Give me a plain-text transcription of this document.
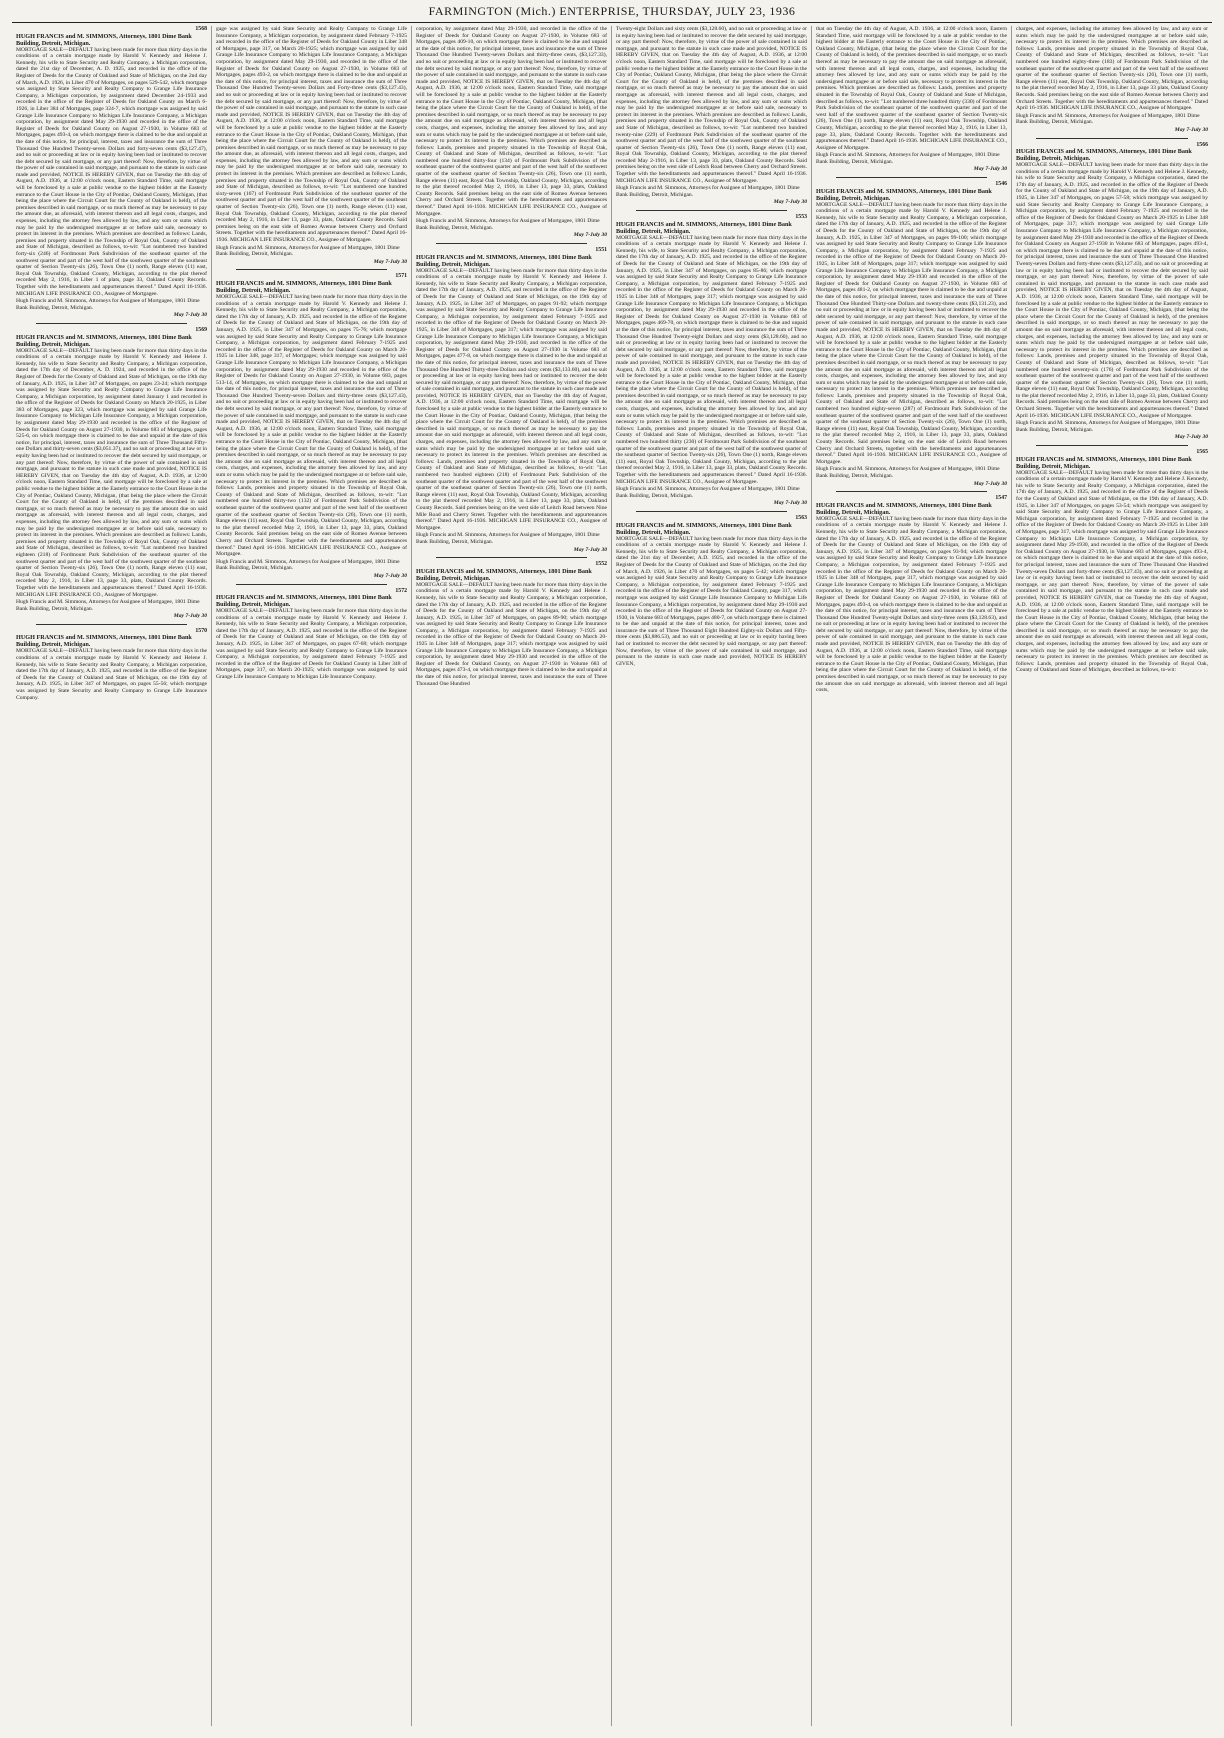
FARMINGTON (Mich.) ENTERPRISE, THURSDAY, JULY 23, 1936
1568
HUGH FRANCIS and M. SIMMONS, Attorneys, 1801 Dime Bank Building, Detroit, Michigan.
MORTGAGE SALE—DEFAULT having been made for more than thirty days in the conditions of a certain mortgage made by Harold V. Kennedy and Helene J. Kennedy, his wife to State Security and Realty Company, a Michigan corporation, dated the 21st day of December, A. D. 1925, and recorded in the office of the Register of Deeds for the County of Oakland and State of Michigan, on the 2nd day of March, A.D. 1926, in Liber 470 of Mortgages, on pages 529-542, which mortgage was assigned by State Security and Realty Company to Grange Life Insurance Company, a Michigan corporation, by assignment dated December 24-1933 and recorded in the office of the Register of Deeds for Oakland County on March 6-1926, in Liber 384 of Mortgages, page 324-7, which mortgage was assigned by said Grange Life Insurance Company to Michigan Life Insurance Company, a Michigan corporation, by assignment dated May 29-1930 and recorded in the office of the Register of Deeds for Oakland County on August 27-1930, in Volume 683 of Mortgages, pages 493-4, on which mortgage there is claimed to be due and unpaid at the date of this notice, for principal, interest, taxes and insurance the sum of Three Thousand One Hundred Twenty-seven Dollars and forty-seven cents ($3,127.47), and no suit or proceeding at law or in equity having been had or instituted to recover the debt secured by said mortgage, or any part thereof: Now, therefore, by virtue of the power of sale contained in said mortgage, and pursuant to the statute in such case made and provided, NOTICE IS HEREBY GIVEN, that on Tuesday the 4th day of August, A.D. 1936, at 12:00 o'clock noon, Eastern Standard Time, said mortgage will be foreclosed by a sale at public vendue to the highest bidder at the Easterly entrance to the Court House in the City of Pontiac, Oakland County, Michigan, (that being the place where the Circuit Court for the County of Oakland is held), of the premises described in said mortgage, or so much thereof as may be necessary to pay the amount due, as aforesaid, with interest thereon and all legal costs, charges, and expenses, including the attorney fees allowed by law, and any sum or sums which may be paid by the undersigned mortgagee at or before said sale, necessary to protect its interest in the premises. Which premises are described as follows: Lands, premises and property situated in the Township of Royal Oak, County of Oakland and State of Michigan, described as follows, to-wit: "Lot numbered two hundred forty-six (246) of Fordmount Park Subdivision of the southeast quarter of the southwest quarter and part of the west half of the southwest quarter of the southeast quarter of Section Twenty-six (26), Town One (1) north, Range eleven (11) east, Royal Oak Township, Oakland County, Michigan, according to the plat thereof recorded May 2, 1916, in Liber 1 of plats, page 33, Oakland County Records. Together with the hereditaments and appurtenances thereof." Dated April 16-1936. MICHIGAN LIFE INSURANCE CO., Assignee of Mortgagee.
Hugh Francis and M. Simmons, Attorneys for Assignee of Mortgagee, 1801 Dime Bank Building, Detroit, Michigan.
May 7-July 30
1569
HUGH FRANCIS and M. SIMMONS, Attorneys, 1801 Dime Bank Building, Detroit, Michigan.
MORTGAGE SALE—DEFAULT having been made for more than thirty days in the conditions of a certain mortgage made by Harold V. Kennedy and Helene J. Kennedy, his wife to State Security and Realty Company, a Michigan corporation, dated the 17th day of December, A. D. 1924, and recorded in the office of the Register of Deeds for the County of Oakland and State of Michigan, on the 19th day of January, A.D. 1925, in Liber 347 of Mortgages, on pages 23-24; which mortgage was assigned by State Security and Realty Company to Grange Life Insurance Company, a Michigan corporation, by assignment dated January 1 and recorded in the office of the Register of Deeds for Oakland County on March 20-1925, in Liber 383 of Mortgages, page 323, which mortgage was assigned by said Grange Life Insurance Company to Michigan Life Insurance Company, a Michigan corporation, by assignment dated May 29-1930 and recorded in the office of the Register of Deeds for Oakland County on August 27-1930, in Volume 683 of Mortgages, pages 525-6, on which mortgage there is claimed to be due and unpaid at the date of this notice, for principal, interest, taxes and insurance the sum of Three Thousand Fifty-one Dollars and thirty-seven cents ($3,051.37), and no suit or proceeding at law or in equity having been had or instituted to recover the debt secured by said mortgage, or any part thereof: Now, therefore, by virtue of the power of sale contained in said mortgage, and pursuant to the statute in such case made and provided, NOTICE IS HEREBY GIVEN, that on Tuesday the 4th day of August, A.D. 1936, at 12:00 o'clock noon, Eastern Standard Time, said mortgage will be foreclosed by a sale at public vendue to the highest bidder at the Easterly entrance to the Court House in the City of Pontiac, Oakland County, Michigan, (that being the place where the Circuit Court for the County of Oakland is held), of the premises described in said mortgage, or so much thereof as may be necessary to pay the amount due on said mortgage as aforesaid, with interest thereon and all legal costs, charges, and expenses, including the attorney fees allowed by law, and any sum or sums which may be paid by the undersigned mortgagee at or before said sale, necessary to protect its interest in the premises. Which premises are described as follows: Lands, premises and property situated in the Township of Royal Oak, County of Oakland and State of Michigan, described as follows, to-wit: "Lot numbered two hundred eighteen (218) of Fordmount Park Subdivision of the southeast quarter of the southwest quarter and part of the west half of the southwest quarter of the southeast quarter of Section Twenty-six (26), Town One (1) north, Range eleven (11) east, Royal Oak Township, Oakland County, Michigan, according to the plat thereof recorded May 2, 1916, in Liber 13, page 33, plats, Oakland County Records. Together with the hereditaments and appurtenances thereof." Dated April 16-1936. MICHIGAN LIFE INSURANCE CO., Assignee of Mortgagee.
Hugh Francis and M. Simmons, Attorneys for Assignee of Mortgagee, 1801 Dime Bank Building, Detroit, Michigan.
May 7-July 30
1570
HUGH FRANCIS and M. SIMMONS, Attorneys, 1801 Dime Bank Building, Detroit, Michigan.
MORTGAGE SALE—DEFAULT having been made for more than thirty days in the conditions of a certain mortgage made by Harold V. Kennedy and Helene J. Kennedy, his wife to State Security and Realty Company, a Michigan corporation, dated the 17th day of January, A.D. 1925, and recorded in the office of the Register of Deeds for the County of Oakland and State of Michigan, on the 19th day of January, A.D. 1925, in Liber 347 of Mortgages, on pages 55-56; which mortgage was assigned by State Security and Realty Company to Grange Life Insurance Company.
gage was assigned by said State Security and Realty Company to Grange Life Insurance Company, a Michigan corporation, by assignment dated February 7-1925 and recorded in the office of the Register of Deeds for Oakland County in Liber 348 of Mortgages, page 317, on March 20-1925; which mortgage was assigned by said Grange Life Insurance Company to Michigan Life Insurance Company, a Michigan corporation, by assignment dated May 29-1930, and recorded in the office of the Register of Deeds for Oakland County on August 27-1930, in Volume 683 of Mortgages, pages 493-2, on which mortgage there is claimed to be due and unpaid at the date of this notice, for principal interest, taxes and insurance the sum of Three Thousand One Hundred Twenty-seven Dollars and Forty-three cents ($3,127.43), and no suit or proceeding at law or in equity having been had or instituted to recover the debt secured by said mortgage, or any part thereof: Now, therefore, by virtue of the power of sale contained in said mortgage, and pursuant to the statute in such case made and provided, NOTICE IS HEREBY GIVEN, that on Tuesday the 4th day of August, A.D. 1936, at 12:00 o'clock noon, Eastern Standard Time, said mortgage will be foreclosed by a sale at public vendue to the highest bidder at the Easterly entrance to the Court House in the City of Pontiac, Oakland County, Michigan, (that being the place where the Circuit Court for the County of Oakland is held), of the premises described in said mortgage, or so much thereof as may be necessary to pay the amount due, as aforesaid, with interest thereon and all legal costs, charges, and expenses, including the attorney fees allowed by law, and any sum or sums which may be paid by the undersigned mortgagee at or before said sale, necessary to protect its interest in the premises. Which premises are described as follows: Lands, premises and property situated in the Township of Royal Oak, County of Oakland and State of Michigan, described as follows, to-wit: "Lot numbered one hundred sixty-seven (167) of Fordmount Park Subdivision of the southeast quarter of the southwest quarter and part of the west half of the southwest quarter of the southeast quarter of Section Twenty-six (26), Town one (1) north, Range eleven (11) east, Royal Oak Township, Oakland County, Michigan, according to the plat thereof recorded May 2, 1916, in Liber 13, page 33, plats, Oakland County Records. Said premises being on the east side of Romeo Avenue between Cherry and Orchard Streets. Together with the hereditaments and appurtenances thereof." Dated April 16-1936. MICHIGAN LIFE INSURANCE CO., Assignee of Mortgagee.
Hugh Francis and M. Simmons, Attorneys for Assignee of Mortgagee, 1801 Dime Bank Building, Detroit, Michigan.
May 7-July 30
1571
HUGH FRANCIS and M. SIMMONS, Attorneys, 1801 Dime Bank Building, Detroit, Michigan.
MORTGAGE SALE—DEFAULT having been made for more than thirty days in the conditions of a certain mortgage made by Harold V. Kennedy and Helene J. Kennedy, his wife to State Security and Realty Company, a Michigan corporation, dated the 17th day of January, A.D. 1925, and recorded in the office of the Register of Deeds for the County of Oakland and State of Michigan, on the 19th day of January, A.D. 1925, in Liber 347 of Mortgages, on pages 75-76; which mortgage was assigned by said State Security and Realty Company to Grange Life Insurance Company, a Michigan corporation, by assignment dated February 7-1925 and recorded in the office of the Register of Deeds for Oakland County on March 20-1925 in Liber 348, page 317, of Mortgages; which mortgage was assigned by said Grange Life Insurance Company to Michigan Life Insurance Company, a Michigan corporation, by assignment dated May 29-1930 and recorded in the office of the Register of Deeds for Oakland County on August 27-1930, in Volume 683, pages 513-14, of Mortgages, on which mortgage there is claimed to be due and unpaid at the date of this notice, for principal interest, taxes and insurance the sum of Three Thousand One Hundred Twenty-seven Dollars and thirty-three cents ($3,127.43), and no suit or proceeding at law or in equity having been had or instituted to recover the debt secured by said mortgage, or any part thereof: Now, therefore, by virtue of the power of sale contained in said mortgage, and pursuant to the statute in such case made and provided, NOTICE IS HEREBY GIVEN, that on Tuesday the 4th day of August, A.D. 1936, at 12:00 o'clock noon, Eastern Standard Time, said mortgage will be foreclosed by a sale at public vendue to the highest bidder at the Easterly entrance to the Court House in the City of Pontiac, Oakland County, Michigan, (that being the place where the Circuit Court for the County of Oakland is held), of the premises described in said mortgage, or so much thereof as may be necessary to pay the amount due on said mortgage as aforesaid, with interest thereon and all legal costs, charges, and expenses, including the attorney fees allowed by law, and any sum or sums which may be paid by the undersigned mortgagee at or before said sale, necessary to protect its interest in the premises. Which premises are described as follows: Lands, premises and property situated in the Township of Royal Oak, County of Oakland and State of Michigan, described as follows, to-wit: "Lot numbered one hundred thirty-two (132) of Fordmount Park Subdivision of the southeast quarter of the southwest quarter and part of the west half of the southwest quarter of the southeast quarter of Section Twenty-six (26), Town one (1) north, Range eleven (11) east, Royal Oak Township, Oakland County, Michigan, according to the plat thereof recorded May 2, 1916, in Liber 13, page 33, plats, Oakland County Records. Said premises being on the east side of Romeo Avenue between Cherry and Orchard Streets. Together with the hereditaments and appurtenances thereof." Dated April 16-1936. MICHIGAN LIFE INSURANCE CO., Assignee of Mortgagee.
Hugh Francis and M. Simmons, Attorneys for Assignee of Mortgagee, 1801 Dime Bank Building, Detroit, Michigan.
May 7-July 30
1572
HUGH FRANCIS and M. SIMMONS, Attorneys, 1801 Dime Bank Building, Detroit, Michigan.
MORTGAGE SALE—DEFAULT having been made for more than thirty days in the conditions of a certain mortgage made by Harold V. Kennedy and Helene J. Kennedy, his wife to State Security and Realty Company, a Michigan corporation, dated the 17th day of January, A.D. 1925, and recorded in the office of the Register of Deeds for the County of Oakland and State of Michigan, on the 19th day of January, A.D. 1925, in Liber 347 of Mortgages, on pages 67-68; which mortgage was assigned by said State Security and Realty Company to Grange Life Insurance Company, a Michigan corporation, by assignment dated February 7-1925 and recorded in the office of the Register of Deeds for Oakland County in Liber 348 of Mortgages, page 317, on March 20-1925; which mortgage was assigned by said Grange Life Insurance Company to Michigan Life Insurance Company.
corporation, by assignment dated May 29-1930, and recorded in the office of the Register of Deeds for Oakland County on August 27-1930, in Volume 683 of Mortgages, pages 409-10, on which mortgage there is claimed to be due and unpaid at the date of this notice, for principal interest, taxes and insurance the sum of Three Thousand One Hundred Twenty-seven Dollars and thirty-three cents, ($3,127.33), and no suit or proceeding at law or in equity having been had or instituted to recover the debt secured by said mortgage, or any part thereof: Now, therefore, by virtue of the power of sale contained in said mortgage, and pursuant to the statute in such case made and provided, NOTICE IS HEREBY GIVEN, that on Tuesday the 4th day of August, A.D. 1936, at 12:00 o'clock noon, Eastern Standard Time, said mortgage will be foreclosed by a sale at public vendue to the highest bidder at the Easterly entrance to the Court House in the City of Pontiac, Oakland County, Michigan, (that being the place where the Circuit Court for the County of Oakland is held), of the premises described in said mortgage, or so much thereof as may be necessary to pay the amount due on said mortgage as aforesaid, with interest thereon and all legal costs, charges, and expenses, including the attorney fees allowed by law, and any sum or sums which may be paid by the undersigned mortgagee at or before said sale, necessary to protect its interest in the premises. Which premises are described as follows: Lands, premises and property situated in the Township of Royal Oak, County of Oakland and State of Michigan, described as follows, to-wit: "Lot numbered one hundred thirty-four (134) of Fordmount Park Subdivision of the southeast quarter of the southwest quarter and part of the west half of the southwest quarter of the southeast quarter of Section Twenty-six (26), Town one (1) north, Range eleven (11) east, Royal Oak Township, Oakland County, Michigan, according to the plat thereof recorded May 2, 1916, in Liber 13, page 33, plats, Oakland County Records. Said premises being on the east side of Romeo Avenue between Cherry and Orchard Streets. Together with the hereditaments and appurtenances thereof." Dated April 16-1936. MICHIGAN LIFE INSURANCE CO., Assignee of Mortgagee.
Hugh Francis and M. Simmons, Attorneys for Assignee of Mortgagee, 1801 Dime Bank Building, Detroit, Michigan.
May 7-July 30
1551
HUGH FRANCIS and M. SIMMONS, Attorneys, 1801 Dime Bank Building, Detroit, Michigan.
MORTGAGE SALE—DEFAULT having been made for more than thirty days in the conditions of a certain mortgage made by Harold V. Kennedy and Helene J. Kennedy, his wife to State Security and Realty Company, a Michigan corporation, dated the 17th day of January, A.D. 1925, and recorded in the office of the Register of Deeds for the County of Oakland and State of Michigan, on the 19th day of January, A.D. 1925, in Liber 347 of Mortgages, on pages 91-92; which mortgage was assigned by said State Security and Realty Company to Grange Life Insurance Company, a Michigan corporation, by assignment dated February 7-1925 and recorded in the office of the Register of Deeds for Oakland County on March 20-1925, in Liber 348 of Mortgages, page 317; which mortgage was assigned by said Grange Life Insurance Company to Michigan Life Insurance Company, a Michigan corporation, by assignment dated May 29-1930, and recorded in the office of the Register of Deeds for Oakland County on August 27-1930 in Volume 683 of Mortgages, pages 477-8, on which mortgage there is claimed to be due and unpaid at the date of this notice, for principal interest, taxes and insurance the sum of Three Thousand One Hundred Thirty-three Dollars and sixty cents ($3,133.60), and no suit or proceeding at law or in equity having been had or instituted to recover the debt secured by said mortgage, or any part thereof: Now, therefore, by virtue of the power of sale contained in said mortgage, and pursuant to the statute in such case made and provided, NOTICE IS HEREBY GIVEN, that on Tuesday the 4th day of August, A.D. 1936, at 12:00 o'clock noon, Eastern Standard Time, said mortgage will be foreclosed by a sale at public vendue to the highest bidder at the Easterly entrance to the Court House in the City of Pontiac, Oakland County, Michigan, (that being the place where the Circuit Court for the County of Oakland is held), of the premises described in said mortgage, or so much thereof as may be necessary to pay the amount due on said mortgage as aforesaid, with interest thereon and all legal costs, charges, and expenses, including the attorney fees allowed by law, and any sum or sums which may be paid by the undersigned mortgagee at or before said sale, necessary to protect its interest in the premises. Which premises are described as follows: Lands, premises and property situated in the Township of Royal Oak, County of Oakland and State of Michigan, described as follows, to-wit: "Lot numbered two hundred eighteen (218) of Fordmount Park Subdivision of the southeast quarter of the southwest quarter and part of the west half of the southwest quarter of the southeast quarter of Section Twenty-six (26), Town one (1) north, Range eleven (11) east, Royal Oak Township, Oakland County, Michigan, according to the plat thereof recorded May 2, 1916, in Liber 13, page 33, plats, Oakland County Records. Said premises being on the west side of Leitch Road between Nine Mile Road and Cherry Street. Together with the hereditaments and appurtenances thereof." Dated April 16-1936. MICHIGAN LIFE INSURANCE CO., Assignee of Mortgagee.
Hugh Francis and M. Simmons, Attorneys for Assignee of Mortgagee, 1801 Dime Bank Building, Detroit, Michigan.
May 7-July 30
1552
HUGH FRANCIS and M. SIMMONS, Attorneys, 1801 Dime Bank Building, Detroit, Michigan.
MORTGAGE SALE—DEFAULT having been made for more than thirty days in the conditions of a certain mortgage made by Harold V. Kennedy and Helene J. Kennedy, his wife to State Security and Realty Company, a Michigan corporation, dated the 17th day of January, A.D. 1925, and recorded in the office of the Register of Deeds for the County of Oakland and State of Michigan, on the 19th day of January, A.D. 1925, in Liber 347 of Mortgages, on pages 89-90; which mortgage was assigned by said State Security and Realty Company to Grange Life Insurance Company, a Michigan corporation, by assignment dated February 7-1925 and recorded in the office of the Register of Deeds for Oakland County on March 20-1925 in Liber 348 of Mortgages, page 317; which mortgage was assigned by said Grange Life Insurance Company to Michigan Life Insurance Company, a Michigan corporation, by assignment dated May 29-1930 and recorded in the office of the Register of Deeds for Oakland County, on August 27-1930 in Volume 683 of Mortgages, pages 473-4, on which mortgage there is claimed to be due and unpaid at the date of this notice, for principal interest, taxes and insurance the sum of Three Thousand One Hundred
Twenty-eight Dollars and sixty cents ($3,128.60), and no suit or proceeding at law or in equity having been had or instituted to recover the debt secured by said mortgage, or any part thereof: Now, therefore, by virtue of the power of sale contained in said mortgage, and pursuant to the statute in such case made and provided, NOTICE IS HEREBY GIVEN, that on Tuesday the 4th day of August, A.D. 1936, at 12:00 o'clock noon, Eastern Standard Time, said mortgage will be foreclosed by a sale at public vendue to the highest bidder at the Easterly entrance to the Court House in the City of Pontiac, Oakland County, Michigan, (that being the place where the Circuit Court for the County of Oakland is held), of the premises described in said mortgage, or so much thereof as may be necessary to pay the amount due on said mortgage as aforesaid, with interest thereon and all legal costs, charges, and expenses, including the attorney fees allowed by law, and any sum or sums which may be paid by the undersigned mortgagee at or before said sale, necessary to protect its interest in the premises. Which premises are described as follows: Lands, premises and property situated in the Township of Royal Oak, County of Oakland and State of Michigan, described as follows, to-wit: "Lot numbered two hundred twenty-nine (229) of Fordmount Park Subdivision of the southeast quarter of the southwest quarter and part of the west half of the southwest quarter of the southeast quarter of Section Twenty-six (26), Town One (1) north, Range eleven (11) east, Royal Oak Township, Oakland County, Michigan, according to the plat thereof recorded May 2-1916, in Liber 13, page 33, plats, Oakland County Records. Said premises being on the west side of Leitch Road between Cherry and Orchard Streets. Together with the hereditaments and appurtenances thereof." Dated April 16-1936. MICHIGAN LIFE INSURANCE CO., Assignee of Mortgagee.
Hugh Francis and M. Simmons, Attorneys for Assignee of Mortgagee, 1801 Dime Bank Building, Detroit, Michigan.
May 7-July 30
1553
HUGH FRANCIS and M. SIMMONS, Attorneys, 1801 Dime Bank Building, Detroit, Michigan.
MORTGAGE SALE—DEFAULT having been made for more than thirty days in the conditions of a certain mortgage made by Harold V. Kennedy and Helene J. Kennedy, his wife, to State Security and Realty Company, a Michigan corporation, dated the 17th day of January, A.D. 1925, and recorded in the office of the Register of Deeds for the County of Oakland and State of Michigan, on the 19th day of January, A.D. 1925, in Liber 347 of Mortgages, on pages 85-86; which mortgage was assigned by said State Security and Realty Company to Grange Life Insurance Company, a Michigan corporation, by assignment dated February 7-1925 and recorded in the office of the Register of Deeds for Oakland County on March 20-1925 in Liber 348 of Mortgages, page 317; which mortgage was assigned by said Grange Life Insurance Company to Michigan Life Insurance Company, a Michigan corporation, by assignment dated May 29-1930 and recorded in the office of the Register of Deeds for Oakland County on August 27-1930 in Volume 683 of Mortgages, pages 469-70, on which mortgage there is claimed to be due and unpaid at the date of this notice, for principal interest, taxes and insurance the sum of Three Thousand One Hundred Twenty-eight Dollars and sixty cents ($3,128.60), and no suit or proceeding at law or in equity having been had or instituted to recover the debt secured by said mortgage, or any part thereof: Now, therefore, by virtue of the power of sale contained in said mortgage, and pursuant to the statute in such case made and provided, NOTICE IS HEREBY GIVEN, that on Tuesday the 4th day of August, A.D. 1936, at 12:00 o'clock noon, Eastern Standard Time, said mortgage will be foreclosed by a sale at public vendue to the highest bidder at the Easterly entrance to the Court House in the City of Pontiac, Oakland County, Michigan, (that being the place where the Circuit Court for the County of Oakland is held), of the premises described in said mortgage, or so much thereof as may be necessary to pay the amount due on said mortgage as aforesaid, with interest thereon and all legal costs, charges, and expenses, including the attorney fees allowed by law, and any sum or sums which may be paid by the undersigned mortgagee at or before said sale, necessary to protect its interest in the premises. Which premises are described as follows: Lands, premises and property situated in the Township of Royal Oak, County of Oakland and State of Michigan, described as follows, to-wit: "Lot numbered two hundred thirty (230) of Fordmount Park Subdivision of the southeast quarter of the southwest quarter and part of the west half of the southwest quarter of the southeast quarter of Section Twenty-six (26), Town One (1) north, Range eleven (11) east, Royal Oak Township, Oakland County, Michigan, according to the plat thereof recorded May 2, 1916, in Liber 13, page 33, plats, Oakland County Records. Together with the hereditaments and appurtenances thereof." Dated April 16-1936. MICHIGAN LIFE INSURANCE CO., Assignee of Mortgagee.
Hugh Francis and M. Simmons, Attorneys for Assignee of Mortgagee, 1801 Dime Bank Building, Detroit, Michigan.
May 7-July 30
1563
HUGH FRANCIS and M. SIMMONS, Attorneys, 1801 Dime Bank Building, Detroit, Michigan.
MORTGAGE SALE—DEFAULT having been made for more than thirty days in the conditions of a certain mortgage made by Harold V. Kennedy and Helene J. Kennedy, his wife to State Security and Realty Company, a Michigan corporation, dated the 21st day of December, A.D. 1925, and recorded in the office of the Register of Deeds for the County of Oakland and State of Michigan, on the 2nd day of March, A.D. 1926, in Liber 470 of Mortgages, on pages 5-42; which mortgage was assigned by said State Security and Realty Company to Grange Life Insurance Company, a Michigan corporation, by assignment dated February 7-1925 and recorded in the office of the Register of Deeds for Oakland County, page 317, which mortgage was assigned by said Grange Life Insurance Company to Michigan Life Insurance Company, a Michigan corporation, by assignment dated May 29-1930 and recorded in the office of the Register of Deeds for Oakland County on August 27-1930, in Volume 683 of Mortgages, pages 480-7, on which mortgage there is claimed to be due and unpaid at the date of this notice, for principal interest, taxes and insurance the sum of Three Thousand Eight Hundred Eighty-six Dollars and Fifty-three cents ($3,886.53), and no suit or proceeding at law or in equity having been had or instituted to recover the debt secured by said mortgage, or any part thereof: Now, therefore, by virtue of the power of sale contained in said mortgage, and pursuant to the statute in such case made and provided, NOTICE IS HEREBY GIVEN,
that on Tuesday the 4th day of August, A.D. 1936, at 12:00 o'clock noon, Eastern Standard Time, said mortgage will be foreclosed by a sale at public vendue to the highest bidder at the Easterly entrance to the Court House in the City of Pontiac, Oakland County, Michigan, (that being the place where the Circuit Court for the County of Oakland is held), of the premises described in said mortgage, or so much thereof as may be necessary to pay the amount due on said mortgage as aforesaid, with interest thereon and all legal costs, charges, and expenses, including the attorney fees allowed by law, and any sum or sums which may be paid by the undersigned mortgagee at or before said sale, necessary to protect its interest in the premises. Which premises are described as follows: Lands, premises and property situated in the Township of Royal Oak, County of Oakland and State of Michigan, described as follows, to-wit: "Lot numbered three hundred thirty (330) of Fordmount Park Subdivision of the southeast quarter of the southwest quarter and part of the west half of the southwest quarter of the southeast quarter of Section Twenty-six (26), Town One (1) north, Range eleven (11) east, Royal Oak Township, Oakland County, Michigan, according to the plat thereof recorded May 2, 1916, in Liber 13, page 33, plats, Oakland County Records. Together with the hereditaments and appurtenances thereof." Dated April 16-1936. MICHIGAN LIFE INSURANCE CO., Assignee of Mortgagee.
Hugh Francis and M. Simmons, Attorneys for Assignee of Mortgagee, 1801 Dime Bank Building, Detroit, Michigan.
May 7-July 30
1546
HUGH FRANCIS and M. SIMMONS, Attorneys, 1801 Dime Bank Building, Detroit, Michigan.
MORTGAGE SALE—DEFAULT having been made for more than thirty days in the conditions of a certain mortgage made by Harold V. Kennedy and Helene J. Kennedy, his wife to State Security and Realty Company, a Michigan corporation, dated the 17th day of January, A.D. 1925, and recorded in the office of the Register of Deeds for the County of Oakland and State of Michigan, on the 19th day of January, A.D. 1925, in Liber 347 of Mortgages, on pages 99-100; which mortgage was assigned by said State Security and Realty Company to Grange Life Insurance Company, a Michigan corporation, by assignment dated February 7-1925 and recorded in the office of the Register of Deeds for Oakland County on March 20-1925, in Liber 348 of Mortgages, page 317; which mortgage was assigned by said Grange Life Insurance Company to Michigan Life Insurance Company, a Michigan corporation, by assignment dated May 29-1930 and recorded in the office of the Register of Deeds for Oakland County on August 27-1930, in Volume 683 of Mortgages, pages 481-2, on which mortgage there is claimed to be due and unpaid at the date of this notice, for principal interest, taxes and insurance the sum of Three Thousand One Hundred Thirty-one Dollars and twenty-three cents ($3,131.23), and no suit or proceeding at law or in equity having been had or instituted to recover the debt secured by said mortgage, or any part thereof: Now, therefore, by virtue of the power of sale contained in said mortgage, and pursuant to the statute in such case made and provided, NOTICE IS HEREBY GIVEN, that on Tuesday the 4th day of August, A.D. 1936, at 12:00 o'clock noon, Eastern Standard Time, said mortgage will be foreclosed by a sale at public vendue to the highest bidder at the Easterly entrance to the Court House in the City of Pontiac, Oakland County, Michigan, (that being the place where the Circuit Court for the County of Oakland is held), of the premises described in said mortgage, or so much thereof as may be necessary to pay the amount due on said mortgage as aforesaid, with interest thereon and all legal costs, charges, and expenses, including the attorney fees allowed by law, and any sum or sums which may be paid by the undersigned mortgagee at or before said sale, necessary to protect its interest in the premises. Which premises are described as follows: Lands, premises and property situated in the Township of Royal Oak, County of Oakland and State of Michigan, described as follows, to-wit: "Lot numbered two hundred eighty-seven (287) of Fordmount Park Subdivision of the southeast quarter of the southwest quarter and part of the west half of the southwest quarter of the southeast quarter of Section Twenty-six (26), Town One (1) north, Range eleven (11) east, Royal Oak Township, Oakland County, Michigan, according to the plat thereof recorded May 2, 1916, in Liber 13, page 33, plats, Oakland County Records. Said premises being on the east side of Leitch Road between Cherry and Orchard Streets, together with the hereditaments and appurtenances thereof." Dated April 16-1936. MICHIGAN LIFE INSURANCE CO., Assignee of Mortgagee.
Hugh Francis and M. Simmons, Attorneys for Assignee of Mortgagee, 1801 Dime Bank Building, Detroit, Michigan.
May 7-July 30
1547
HUGH FRANCIS and M. SIMMONS, Attorneys, 1801 Dime Bank Building, Detroit, Michigan.
MORTGAGE SALE—DEFAULT having been made for more than thirty days in the conditions of a certain mortgage made by Harold V. Kennedy and Helene J. Kennedy, his wife to State Security and Realty Company, a Michigan corporation, dated the 17th day of January, A.D. 1925, and recorded in the office of the Register of Deeds for the County of Oakland and State of Michigan, on the 19th day of January, A.D. 1925, in Liber 347 of Mortgages, on pages 93-94; which mortgage was assigned by said State Security and Realty Company to Grange Life Insurance Company, a Michigan corporation, by assignment dated February 7-1925 and recorded in the office of the Register of Deeds for Oakland County on March 20-1925 in Liber 348 of Mortgages, page 317, which mortgage was assigned by said Grange Life Insurance Company to Michigan Life Insurance Company, a Michigan corporation, by assignment dated May 29-1930 and recorded in the office of the Register of Deeds for Oakland County on August 27-1930, in Volume 683 of Mortgages, pages 493-4, on which mortgage there is claimed to be due and unpaid at the date of this notice, for principal interest, taxes and insurance the sum of Three Thousand One Hundred Twenty-eight Dollars and sixty-three cents ($3,128.63), and no suit or proceeding at law or in equity having been had or instituted to recover the debt secured by said mortgage, or any part thereof: Now, therefore, by virtue of the power of sale contained in said mortgage, and pursuant to the statute in such case made and provided, NOTICE IS HEREBY GIVEN, that on Tuesday the 4th day of August, A.D. 1936, at 12:00 o'clock noon, Eastern Standard Time, said mortgage will be foreclosed by a sale at public vendue to the highest bidder at the Easterly entrance to the Court House in the City of Pontiac, Oakland County, Michigan, (that being the place where the Circuit Court for the County of Oakland is held), of the premises described in said mortgage, or so much thereof as may be necessary to pay the amount due on said mortgage as aforesaid, with interest thereon and all legal costs,
charges, and expenses, including the attorney fees allowed by law, and any sum or sums which may be paid by the undersigned mortgagee at or before said sale, necessary to protect its interest in the premises. Which premises are described as follows: Lands, premises and property situated in the Township of Royal Oak, County of Oakland and State of Michigan, described as follows, to-wit: "Lot numbered one hundred eighty-three (183) of Fordmount Park Subdivision of the southeast quarter of the southwest quarter and part of the west half of the southwest quarter of the southeast quarter of Section Twenty-six (26), Town one (1) north, Range eleven (11) east, Royal Oak Township, Oakland County, Michigan, according to the plat thereof recorded May 2, 1916, in Liber 13, page 33 plats, Oakland County Records. Said premises being on the east side of Romeo Avenue between Cherry and Orchard Streets. Together with the hereditaments and appurtenances thereof." Dated April 16-1936. MICHIGAN LIFE INSURANCE CO., Assignee of Mortgagee.
Hugh Francis and M. Simmons, Attorneys for Assignee of Mortgagee, 1801 Dime Bank Building, Detroit, Michigan.
May 7-July 30
1566
HUGH FRANCIS and M. SIMMONS, Attorneys, 1801 Dime Bank Building, Detroit, Michigan.
MORTGAGE SALE—DEFAULT having been made for more than thirty days in the conditions of a certain mortgage made by Harold V. Kennedy and Helene J. Kennedy, his wife to State Security and Realty Company, a Michigan corporation, dated the 17th day of January, A.D. 1925, and recorded in the office of the Register of Deeds for the County of Oakland and State of Michigan, on the 19th day of January, A.D. 1925, in Liber 347 of Mortgages, on pages 57-58; which mortgage was assigned by said State Security and Realty Company to Grange Life Insurance Company, a Michigan corporation, by assignment dated February 7-1925 and recorded in the office of the Register of Deeds for Oakland County on March 20-1925 in Liber 348 of Mortgages, page 317; which mortgage was assigned by said Grange Life Insurance Company to Michigan Life Insurance Company, a Michigan corporation, by assignment dated May 29-1930 and recorded in the office of the Register of Deeds for Oakland County on August 27-1930 in Volume 683 of Mortgages, pages 493-4, on which mortgage there is claimed to be due and unpaid at the date of this notice, for principal interest, taxes and insurance the sum of Three Thousand One Hundred Twenty-seven Dollars and forty-three cents ($3,127.43), and no suit or proceeding at law or in equity having been had or instituted to recover the debt secured by said mortgage, or any part thereof: Now, therefore, by virtue of the power of sale contained in said mortgage, and pursuant to the statute in such case made and provided, NOTICE IS HEREBY GIVEN, that on Tuesday the 4th day of August, A.D. 1936, at 12:00 o'clock noon, Eastern Standard Time, said mortgage will be foreclosed by a sale at public vendue to the highest bidder at the Easterly entrance to the Court House in the City of Pontiac, Oakland County, Michigan, (that being the place where the Circuit Court for the County of Oakland is held), of the premises described in said mortgage, or so much thereof as may be necessary to pay the amount due on said mortgage as aforesaid, with interest thereon and all legal costs, charges, and expenses, including the attorney fees allowed by law, and any sum or sums which may be paid by the undersigned mortgagee at or before said sale, necessary to protect its interest in the premises. Which premises are described as follows: Lands, premises and property situated in the Township of Royal Oak, County of Oakland and State of Michigan, described as follows, to-wit: "Lot numbered one hundred seventy-six (176) of Fordmount Park Subdivision of the southeast quarter of the southwest quarter and part of the west half of the southwest quarter of the southeast quarter of Section Twenty-six (26), Town one (1) north, Range eleven (11) east, Royal Oak Township, Oakland County, Michigan, according to the plat thereof recorded May 2, 1916, in Liber 13, page 33, plats, Oakland County Records. Said premises being on the east side of Romeo Avenue between Cherry and Orchard Streets. Together with the hereditaments and appurtenances thereof." Dated April 16-1936. MICHIGAN LIFE INSURANCE CO., Assignee of Mortgagee.
Hugh Francis and M. Simmons, Attorneys for Assignee of Mortgagee, 1801 Dime Bank Building, Detroit, Michigan.
May 7-July 30
1565
HUGH FRANCIS and M. SIMMONS, Attorneys, 1801 Dime Bank Building, Detroit, Michigan.
MORTGAGE SALE—DEFAULT having been made for more than thirty days in the conditions of a certain mortgage made by Harold V. Kennedy and Helene J. Kennedy, his wife to State Security and Realty Company, a Michigan corporation, dated the 17th day of January, A.D. 1925, and recorded in the office of the Register of Deeds for the County of Oakland and State of Michigan, on the 19th day of January, A.D. 1925, in Liber 347 of Mortgages, on pages 53-54; which mortgage was assigned by said State Security and Realty Company to Grange Life Insurance Company, a Michigan corporation, by assignment dated February 7-1925 and recorded in the office of the Register of Deeds for Oakland County on March 20-1925 in Liber 348 of Mortgages, page 317, which mortgage was assigned by said Grange Life Insurance Company to Michigan Life Insurance Company, a Michigan corporation, by assignment dated May 29-1930, and recorded in the office of the Register of Deeds for Oakland County on August 27-1930, in Volume 683 of Mortgages, pages 493-4, on which mortgage there is claimed to be due and unpaid at the date of this notice, for principal interest, taxes and insurance the sum of Three Thousand One Hundred Twenty-seven Dollars and forty-three cents ($3,127.43), and no suit or proceeding at law or in equity having been had or instituted to recover the debt secured by said mortgage, or any part thereof: Now, therefore, by virtue of the power of sale contained in said mortgage, and pursuant to the statute in such case made and provided, NOTICE IS HEREBY GIVEN, that on Tuesday the 4th day of August, A.D. 1936, at 12:00 o'clock noon, Eastern Standard Time, said mortgage will be foreclosed by a sale at public vendue to the highest bidder at the Easterly entrance to the Court House in the City of Pontiac, Oakland County, Michigan, (that being the place where the Circuit Court for the County of Oakland is held), of the premises described in said mortgage, or so much thereof as may be necessary to pay the amount due on said mortgage as aforesaid, with interest thereon and all legal costs, charges, and expenses, including the attorney fees allowed by law, and any sum or sums which may be paid by the undersigned mortgagee at or before said sale, necessary to protect its interest in the premises. Which premises are described as follows: Lands, premises and property situated in the Township of Royal Oak, County of Oakland and State of Michigan, described as follows, to-wit:
